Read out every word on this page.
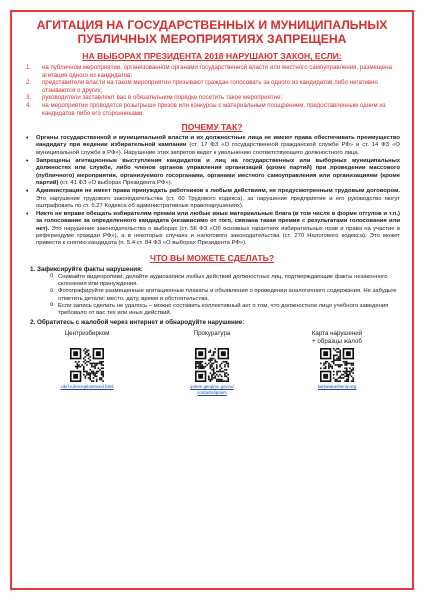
АГИТАЦИЯ НА ГОСУДАРСТВЕННЫХ И МУНИЦИПАЛЬНЫХ

ПУБЛИЧНЫХ МЕРОПРИЯТИЯХ ЗАПРЕЩЕНА

НА ВЫБОРАХ ПРЕЗИДЕНТА 2018 НАРУШАЮТ ЗАКОН, ЕСЛИ:
1. на публичном мероприятии, организованном органами государственной власти или местного самоуправления, размещена агитация одного из кандидатов;
2. представители власти на таком мероприятии призывают граждан голосовать за одного из кандидатов либо негативно отзываются о других;
3. руководители заставляют вас в обязательном порядке посетить такое мероприятие;
4. на мероприятии проводятся розыгрыши призов или конкурсы с материальным поощрением, предоставленным одним из кандидатов либо его сторонниками.
ПОЧЕМУ ТАК?
• Органы государственной и муниципальной власти и их должностные лица не имеют права обеспечивать преимущество кандидату при ведении избирательной кампании (ст. 17 ФЗ «О государственной гражданской службе РФ» и ст. 14 ФЗ «О муниципальной службе в РФ»). Нарушение этих запретов ведет к увольнению соответствующего должностного лица.
• Запрещены агитационные выступления кандидатов и лиц на государственных или выборных муниципальных должностях или службе, либо членов органов управления организаций (кроме партий) при проведении массового (публичного) мероприятия, организуемого госорганами, органами местного самоуправления или организациями (кроме партий) (ст. 41 ФЗ «О выборах Президента РФ»).
• Администрация не имеет права принуждать работников к любым действиям, не предусмотренным трудовым договором. Это нарушение трудового законодательства (ст. 60 Трудового кодекса), за нарушение предприятие и его руководство могут оштрафовать по ст. 5.27 Кодекса об административных правонарушениях).
• Никто не вправе обещать избирателям премии или любые иные материальные блага (в том числе в форме отгулов и т.п.) за голосование за определенного кандидата (независимо от того, связана такая премия с результатами голосования или нет). Это нарушение законодательства о выборах (ст. 56 ФЗ «Об основных гарантиях избирательных прав и права на участие в референдуме граждан РФ»), а в некоторых случаях и налогового законодательства (ст. 270 Налогового кодекса). Это может привести к снятию кандидата (п. 5.4 ст. 84 ФЗ «О выборах Президента РФ»).
ЧТО ВЫ МОЖЕТЕ СДЕЛАТЬ?
1. Зафиксируйте факты нарушения:
o Снимайте видеоролики, делайте аудиозаписи любых действий должностных лиц, подтверждающие факты незаконного склонения или принуждения.
o Фотографируйте размещенные агитационные плакаты и объявления о проведении аналогичного содержания. Не забудьте отметить детали: место, дату, время и обстоятельства.
o Если запись сделать не удалось – можно составить коллективный акт о том, что должностное лицо учебного заведения требовало от вас тех или иных действий.
2. Обратитесь с жалобой через интернет и обнародуйте нарушение:
Центризбирком
cikrf.ru/reception/send.html
Прокуратура
ipriem.genproc.gov.ru/
contacts/ipriem
Карта нарушений
+ образцы жалоб
kartanarusheniy.org
